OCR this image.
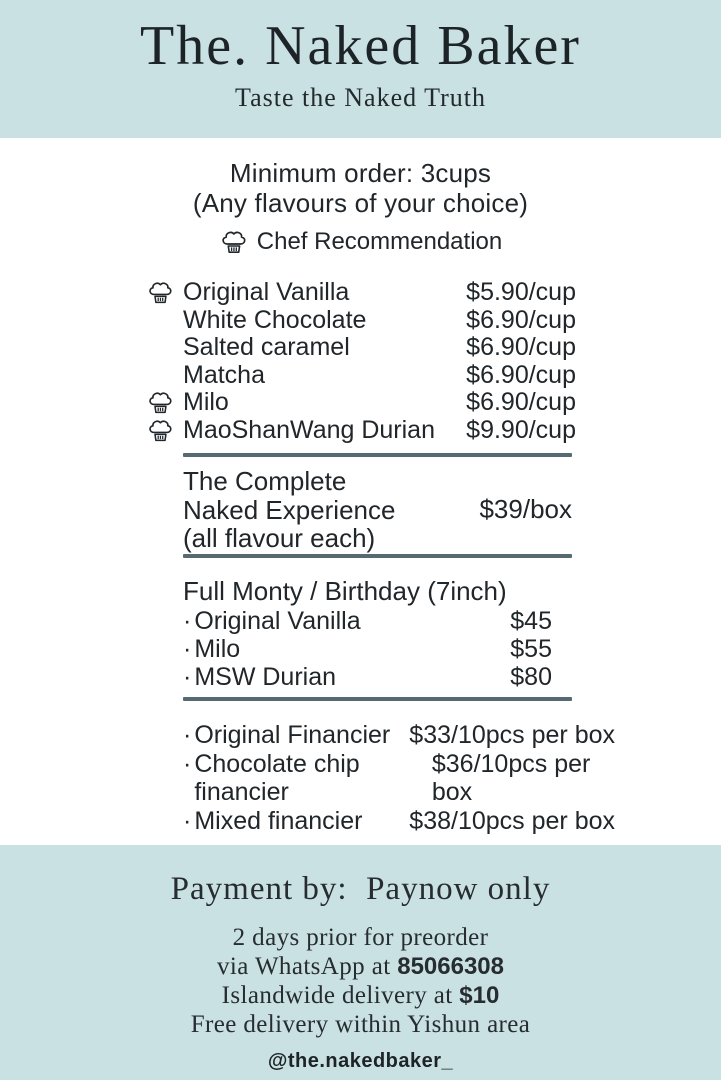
The. Naked Baker
Taste the Naked Truth
Minimum order: 3cups
(Any flavours of your choice)
Chef Recommendation
Original Vanilla	$5.90/cup
White Chocolate	$6.90/cup
Salted caramel	$6.90/cup
Matcha	$6.90/cup
Milo	$6.90/cup
MaoShanWang Durian $9.90/cup
The Complete
Naked Experience
(all flavour each)
$39/box
Full Monty / Birthday (7inch)
· Original Vanilla	$45
· Milo	$55
· MSW Durian	$80
· Original Financier $33/10pcs per box
· Chocolate chip financier
$36/10pcs per box
· Mixed financier $38/10pcs per box
Payment by:  Paynow only
2 days prior for preorder
via WhatsApp at 85066308
Islandwide delivery at $10
Free delivery within Yishun area
@the.nakedbaker_
